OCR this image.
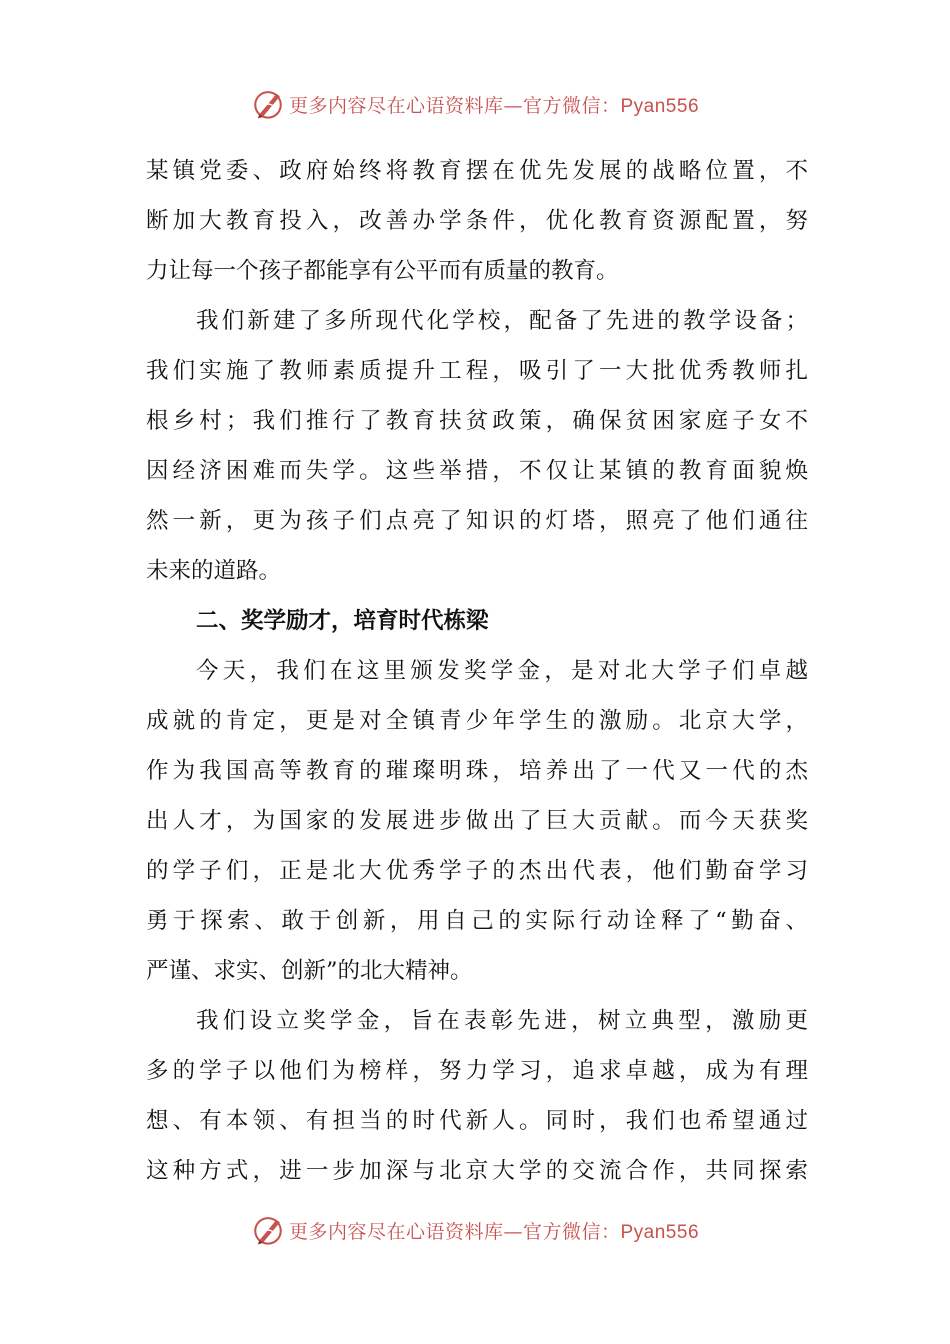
更多内容尽在心语资料库—官方微信：Pyan556
某镇党委、政府始终将教育摆在优先发展的战略位置，不
断加大教育投入，改善办学条件，优化教育资源配置，努
力让每一个孩子都能享有公平而有质量的教育。
我们新建了多所现代化学校，配备了先进的教学设备；
我们实施了教师素质提升工程，吸引了一大批优秀教师扎
根乡村；我们推行了教育扶贫政策，确保贫困家庭子女不
因经济困难而失学。这些举措，不仅让某镇的教育面貌焕
然一新，更为孩子们点亮了知识的灯塔，照亮了他们通往
未来的道路。
二、奖学励才，培育时代栋梁
今天，我们在这里颁发奖学金，是对北大学子们卓越
成就的肯定，更是对全镇青少年学生的激励。北京大学，
作为我国高等教育的璀璨明珠，培养出了一代又一代的杰
出人才，为国家的发展进步做出了巨大贡献。而今天获奖
的学子们，正是北大优秀学子的杰出代表，他们勤奋学习
勇于探索、敢于创新，用自己的实际行动诠释了“勤奋、
严谨、求实、创新”的北大精神。
我们设立奖学金，旨在表彰先进，树立典型，激励更
多的学子以他们为榜样，努力学习，追求卓越，成为有理
想、有本领、有担当的时代新人。同时，我们也希望通过
这种方式，进一步加深与北京大学的交流合作，共同探索
更多内容尽在心语资料库—官方微信：Pyan556
